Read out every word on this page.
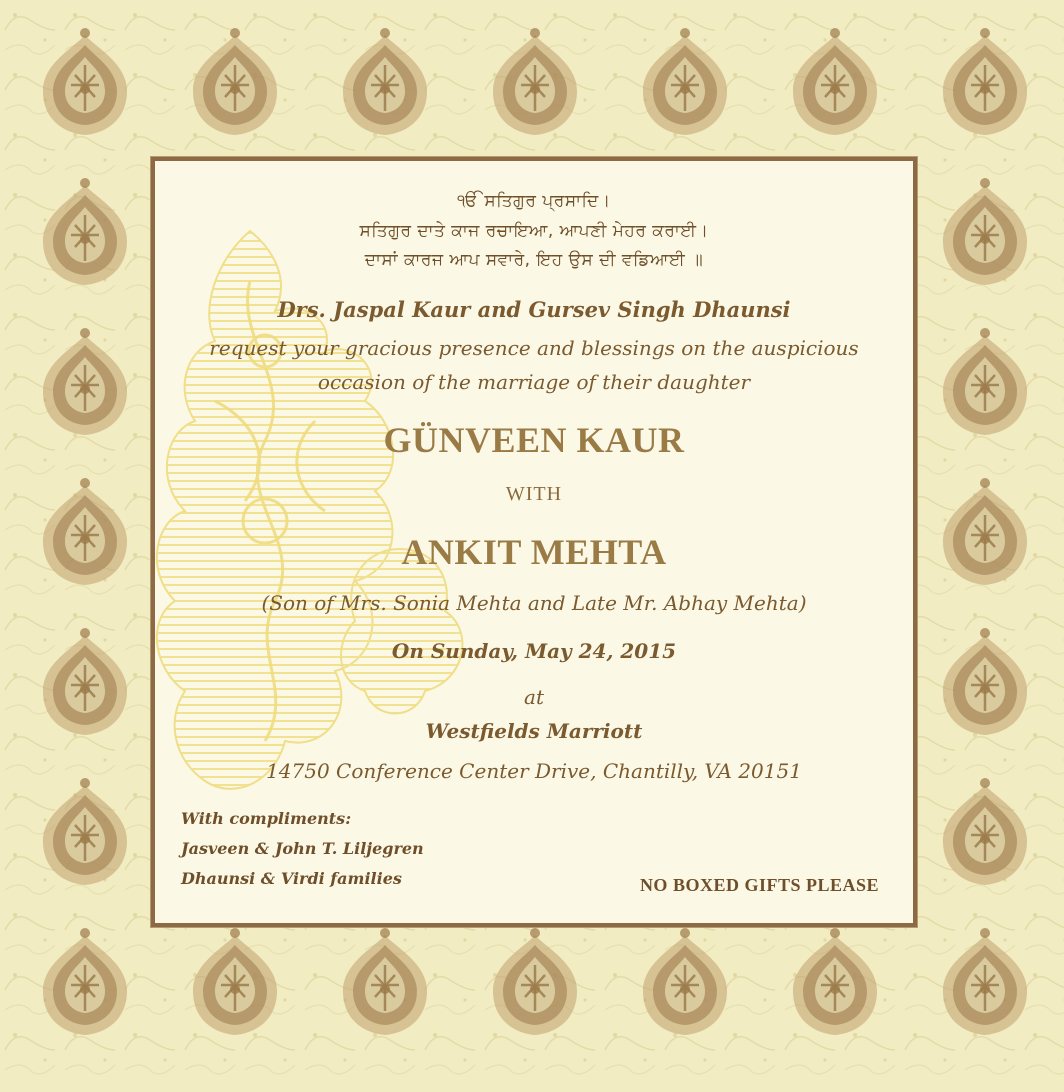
ੴ ਸਤਿਗੁਰ ਪ੍ਰਸਾਦਿ।
ਸਤਿਗੁਰ ਦਾਤੇ ਕਾਜ ਰਚਾਇਆ, ਆਪਣੀ ਮੇਹਰ ਕਰਾਈ।
ਦਾਸਾਂ ਕਾਰਜ ਆਪ ਸਵਾਰੇ, ਇਹ ਉਸ ਦੀ ਵਡਿਆਈ ॥
Drs. Jaspal Kaur and Gursev Singh Dhaunsi
request your gracious presence and blessings on the auspicious
occasion of the marriage of their daughter
GÜNVEEN KAUR
WITH
ANKIT MEHTA
(Son of Mrs. Sonia Mehta and Late Mr. Abhay Mehta)
On Sunday, May 24, 2015
at
Westfields Marriott
14750 Conference Center Drive, Chantilly, VA 20151
With compliments:
Jasveen & John T. Liljegren
Dhaunsi & Virdi families	NO BOXED GIFTS PLEASE
